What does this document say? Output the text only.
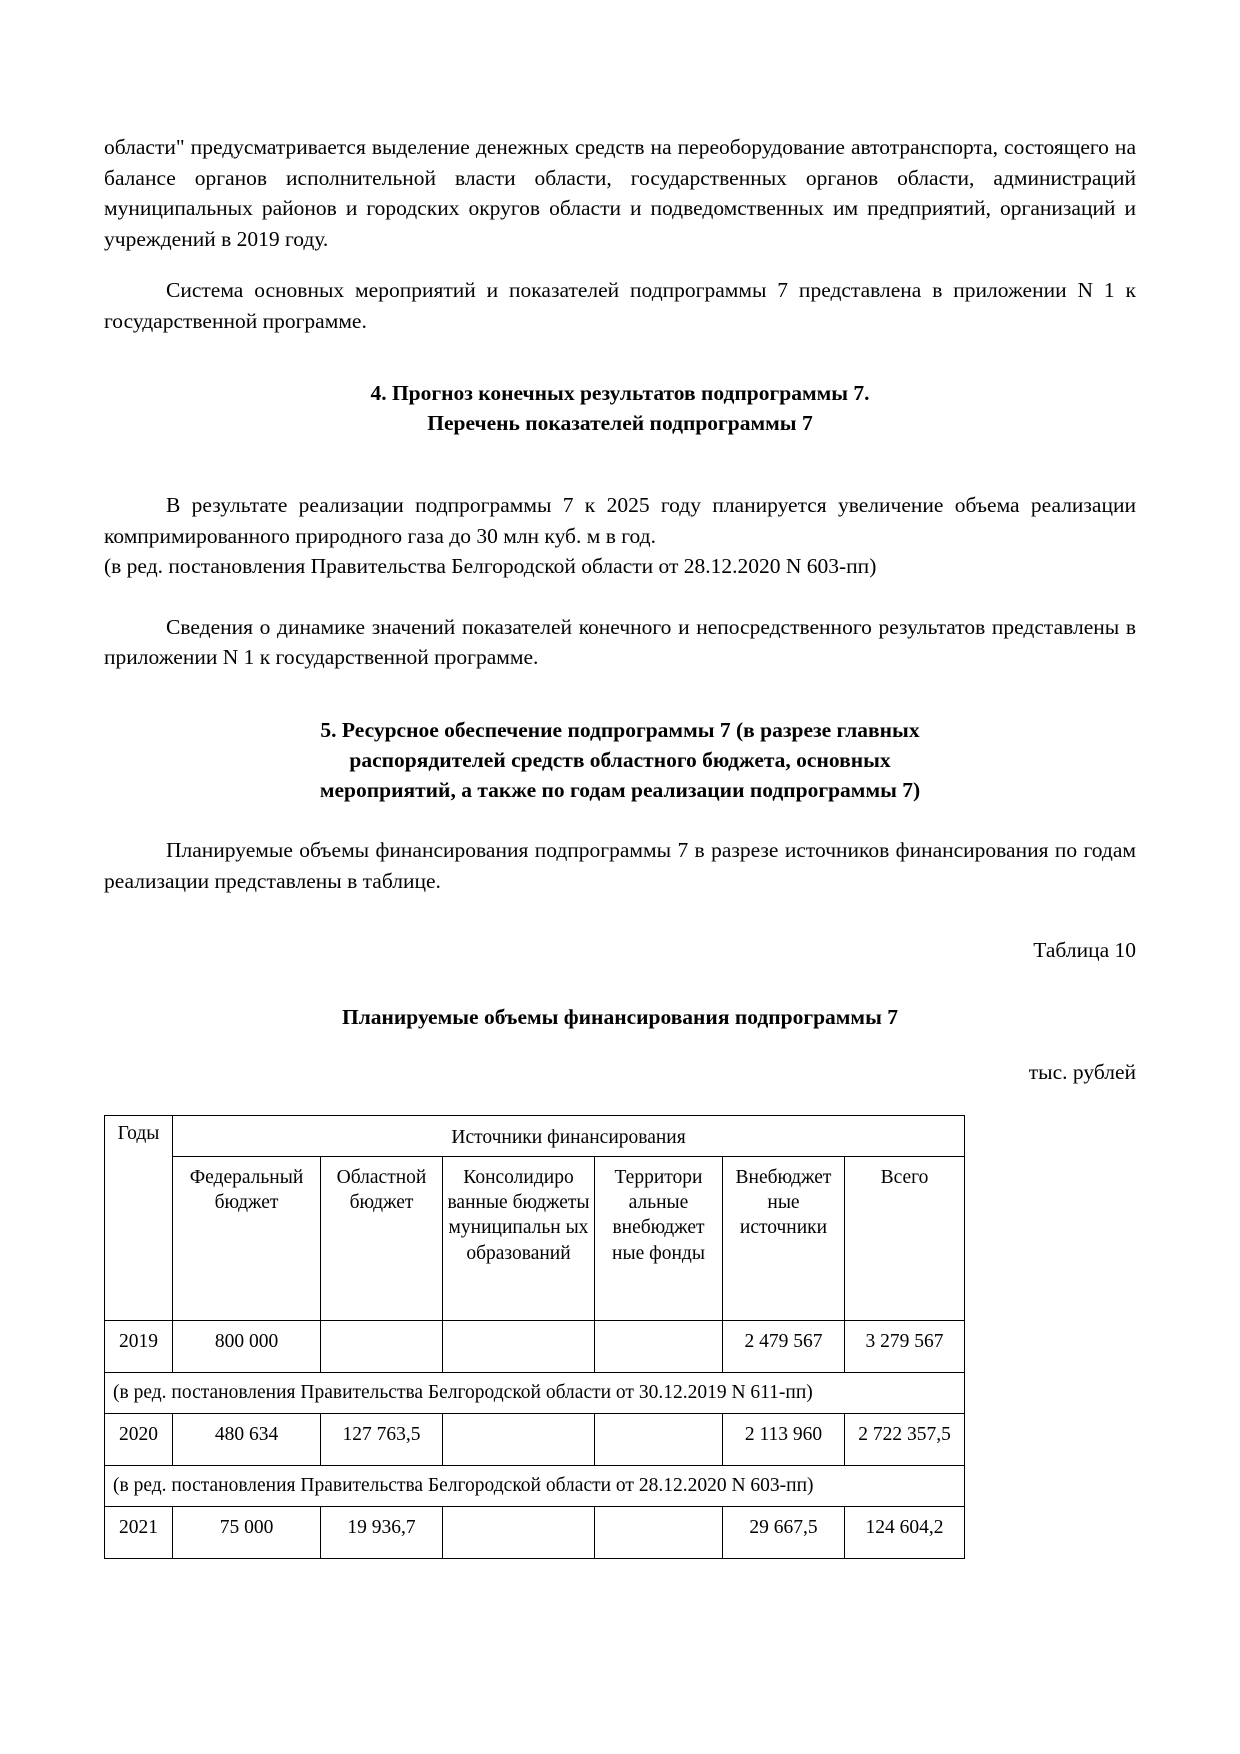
области" предусматривается выделение денежных средств на переоборудование автотранспорта, состоящего на балансе органов исполнительной власти области, государственных органов области, администраций муниципальных районов и городских округов области и подведомственных им предприятий, организаций и учреждений в 2019 году.

Система основных мероприятий и показателей подпрограммы 7 представлена в приложении N 1 к государственной программе.

4. Прогноз конечных результатов подпрограммы 7.
Перечень показателей подпрограммы 7

В результате реализации подпрограммы 7 к 2025 году планируется увеличение объема реализации компримированного природного газа до 30 млн куб. м в год.

(в ред. постановления Правительства Белгородской области от 28.12.2020 N 603-пп)

Сведения о динамике значений показателей конечного и непосредственного результатов представлены в приложении N 1 к государственной программе.

5. Ресурсное обеспечение подпрограммы 7 (в разрезе главных
распорядителей средств областного бюджета, основных
мероприятий, а также по годам реализации подпрограммы 7)

Планируемые объемы финансирования подпрограммы 7 в разрезе источников финансирования по годам реализации представлены в таблице.

Таблица 10

Планируемые объемы финансирования подпрограммы 7

тыс. рублей

Годы	Источники финансирования					
	Федеральный бюджет	Областной бюджет	Консолидиро ванные бюджеты муниципальн ых образований	Территори альные внебюджет ные фонды	Внебюджет ные источники	Всего
2019	800 000				2 479 567	3 279 567
(в ред. постановления Правительства Белгородской области от 30.12.2019 N 611-пп)						
2020	480 634	127 763,5			2 113 960	2 722 357,5
(в ред. постановления Правительства Белгородской области от 28.12.2020 N 603-пп)						
2021	75 000	19 936,7			29 667,5	124 604,2
